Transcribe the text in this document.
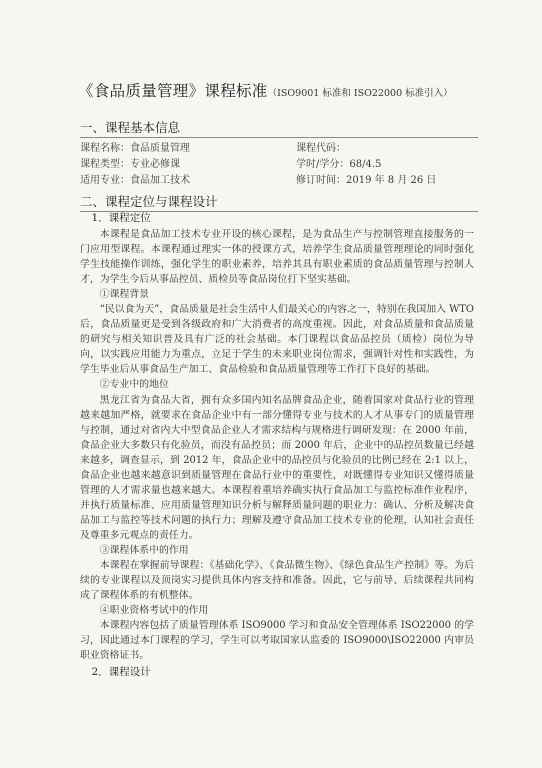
《食品质量管理》课程标准（ISO9001 标准和 ISO22000 标准引入）
一、课程基本信息
课程名称：食品质量管理
课程类型：专业必修课
适用专业：食品加工技术
课程代码：
学时/学分：68/4.5
修订时间：2019 年 8 月 26 日
二、课程定位与课程设计

1．课程定位

本课程是食品加工技术专业开设的核心课程，是为食品生产与控制管理直接服务的一门应用型课程。本课程通过理实一体的授课方式，培养学生食品质量管理理论的同时强化学生技能操作训练，强化学生的职业素养，培养其具有职业素质的食品质量管理与控制人才，为学生今后从事品控员、质检员等食品岗位打下坚实基础。

①课程背景

“民以食为天”，食品质量是社会生活中人们最关心的内容之一，特别在我国加入 WTO 后，食品质量更是受到各级政府和广大消费者的高度重视。因此，对食品质量和食品质量的研究与相关知识普及具有广泛的社会基础。本门课程以食品品控员（质检）岗位为导向，以实践应用能力为重点，立足于学生的未来职业岗位需求，强调针对性和实践性，为学生毕业后从事食品生产加工、食品检验和食品质量管理等工作打下良好的基础。

②专业中的地位

黑龙江省为食品大省，拥有众多国内知名品牌食品企业，随着国家对食品行业的管理越来越加严格，就要求在食品企业中有一部分懂得专业与技术的人才从事专门的质量管理与控制，通过对省内大中型食品企业人才需求结构与规格进行调研发现：在 2000 年前，食品企业大多数只有化验员，而没有品控员；而 2000 年后，企业中的品控员数量已经越来越多，调查显示，到 2012 年，食品企业中的品控员与化验员的比例已经在 2:1 以上，食品企业也越来越意识到质量管理在食品行业中的重要性，对既懂得专业知识又懂得质量管理的人才需求量也越来越大。本课程着重培养确实执行食品加工与监控标准作业程序，并执行质量标准、应用质量管理知识分析与解释质量问题的职业力：确认、分析及解决食品加工与监控等技术问题的执行力；理解及遵守食品加工技术专业的伦理，认知社会责任及尊重多元观点的责任力。

③课程体系中的作用

本课程在掌握前导课程：《基础化学》、《食品微生物》、《绿色食品生产控制》等。为后续的专业课程以及顶岗实习提供具体内容支持和准备。因此，它与前导、后续课程共同构成了课程体系的有机整体。

④职业资格考试中的作用

本课程内容包括了质量管理体系 ISO9000 学习和食品安全管理体系 ISO22000 的学习，因此通过本门课程的学习，学生可以考取国家认监委的 ISO9000\ISO22000 内审员职业资格证书。

2．课程设计
